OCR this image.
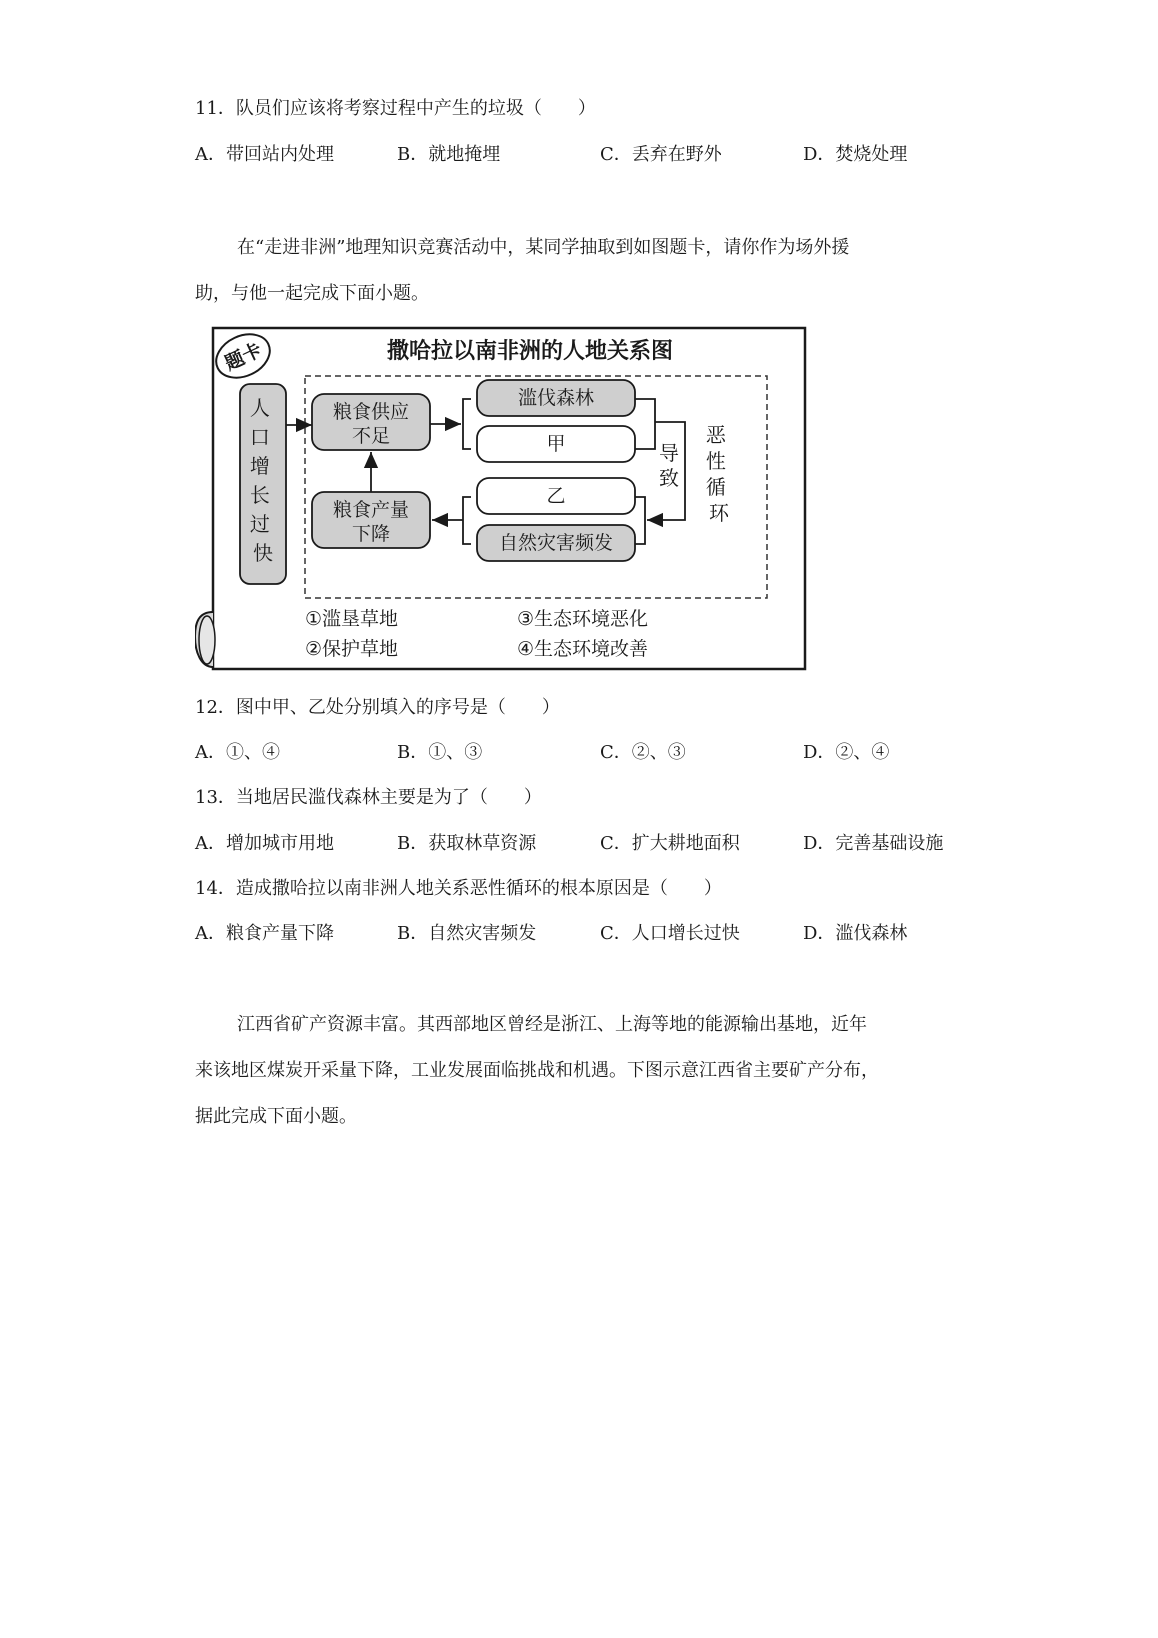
11．队员们应该将考察过程中产生的垃圾（　　）
A．带回站内处理	B．就地掩埋	C．丢弃在野外	D．焚烧处理
在“走进非洲”地理知识竞赛活动中，某同学抽取到如图题卡，请你作为场外援
助，与他一起完成下面小题。
题卡	撒哈拉以南非洲的人地关系图
人 口 增 长 过 快
粮食供应
不足
滥伐森林
甲	导
致
乙
自然灾害频发
粮食产量
下降
恶 性 循 环
①滥垦草地
②保护草地
③生态环境恶化
④生态环境改善
12．图中甲、乙处分别填入的序号是（　　）
A．①、④	B．①、③	C．②、③	D．②、④
13．当地居民滥伐森林主要是为了（　　）
A．增加城市用地	B．获取林草资源	C．扩大耕地面积	D．完善基础设施
14．造成撒哈拉以南非洲人地关系恶性循环的根本原因是（　　）
A．粮食产量下降	B．自然灾害频发	C．人口增长过快	D．滥伐森林
江西省矿产资源丰富。其西部地区曾经是浙江、上海等地的能源输出基地，近年
来该地区煤炭开采量下降，工业发展面临挑战和机遇。下图示意江西省主要矿产分布，
据此完成下面小题。
